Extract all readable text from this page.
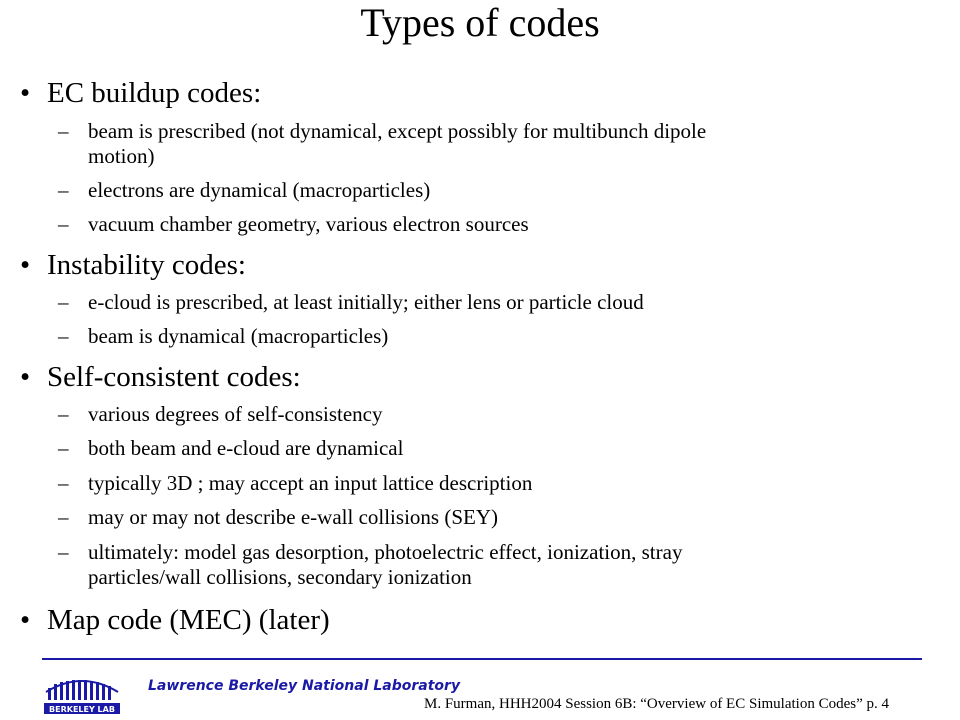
Types of codes
• EC buildup codes:
– beam is prescribed (not dynamical, except possibly for multibunch dipole
motion)
– electrons are dynamical (macroparticles)
– vacuum chamber geometry, various electron sources
• Instability codes:
– e-cloud is prescribed, at least initially; either lens or particle cloud
– beam is dynamical (macroparticles)
• Self-consistent codes:
– various degrees of self-consistency
– both beam and e-cloud are dynamical
– typically 3D ; may accept an input lattice description
– may or may not describe e-wall collisions (SEY)
– ultimately: model gas desorption, photoelectric effect, ionization, stray
particles/wall collisions, secondary ionization
• Map code (MEC) (later)
BERKELEY LAB
Lawrence Berkeley National Laboratory
M. Furman, HHH2004 Session 6B: “Overview of EC Simulation Codes” p. 4
